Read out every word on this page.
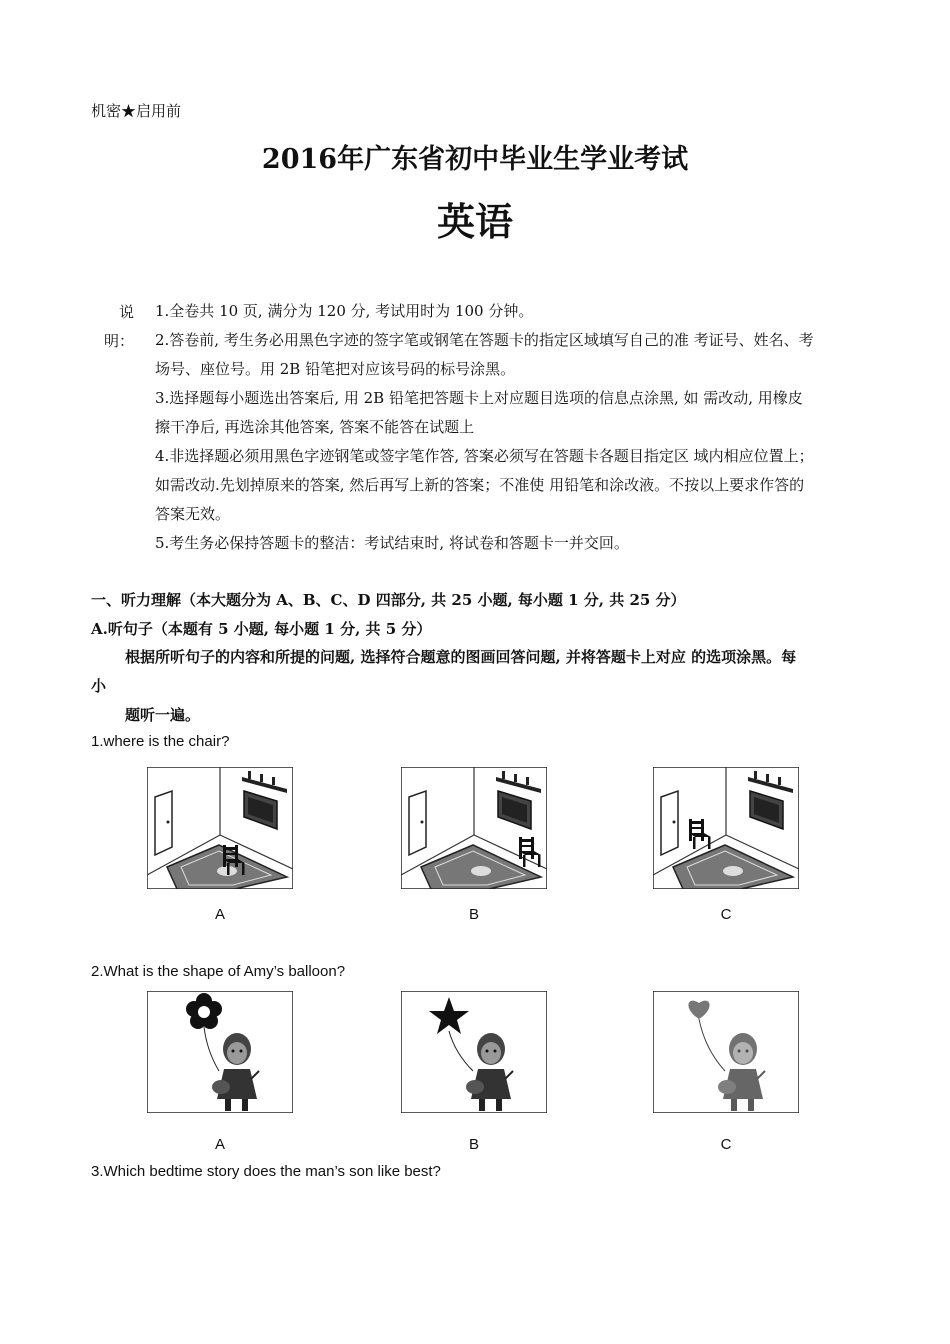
机密★启用前
2016年广东省初中毕业生学业考试
英语
说
明：

1.全卷共 10 页, 满分为 120 分, 考试用时为 100 分钟。

2.答卷前, 考生务必用黑色字迹的签字笔或钢笔在答题卡的指定区域填写自己的准 考证号、姓名、考

场号、座位号。用 2B 铅笔把对应该号码的标号涂黑。

3.选择题每小题选出答案后, 用 2B 铅笔把答题卡上对应题目选项的信息点涂黑, 如 需改动, 用橡皮

擦干净后, 再选涂其他答案, 答案不能答在试题上

4.非选择题必须用黑色字迹钢笔或签字笔作答, 答案必须写在答题卡各题目指定区 域内相应位置上；

如需改动.先划掉原来的答案, 然后再写上新的答案；不准使 用铅笔和涂改液。不按以上要求作答的

答案无效。

5.考生务必保持答题卡的整洁：考试结束时, 将试卷和答题卡一并交回。

一、听力理解（本大题分为 A、B、C、D 四部分, 共 25 小题, 每小题 1 分, 共 25 分）
A.听句子（本题有 5 小题, 每小题 1 分, 共 5 分）
根据所听句子的内容和所提的问题, 选择符合题意的图画回答问题, 并将答题卡上对应 的选项涂黑。每
小
题听一遍。
1.where is the chair?
A	B	C
2.What is the shape of Amy’s balloon?
A	B	C
3.Which bedtime story does the man’s son like best?
